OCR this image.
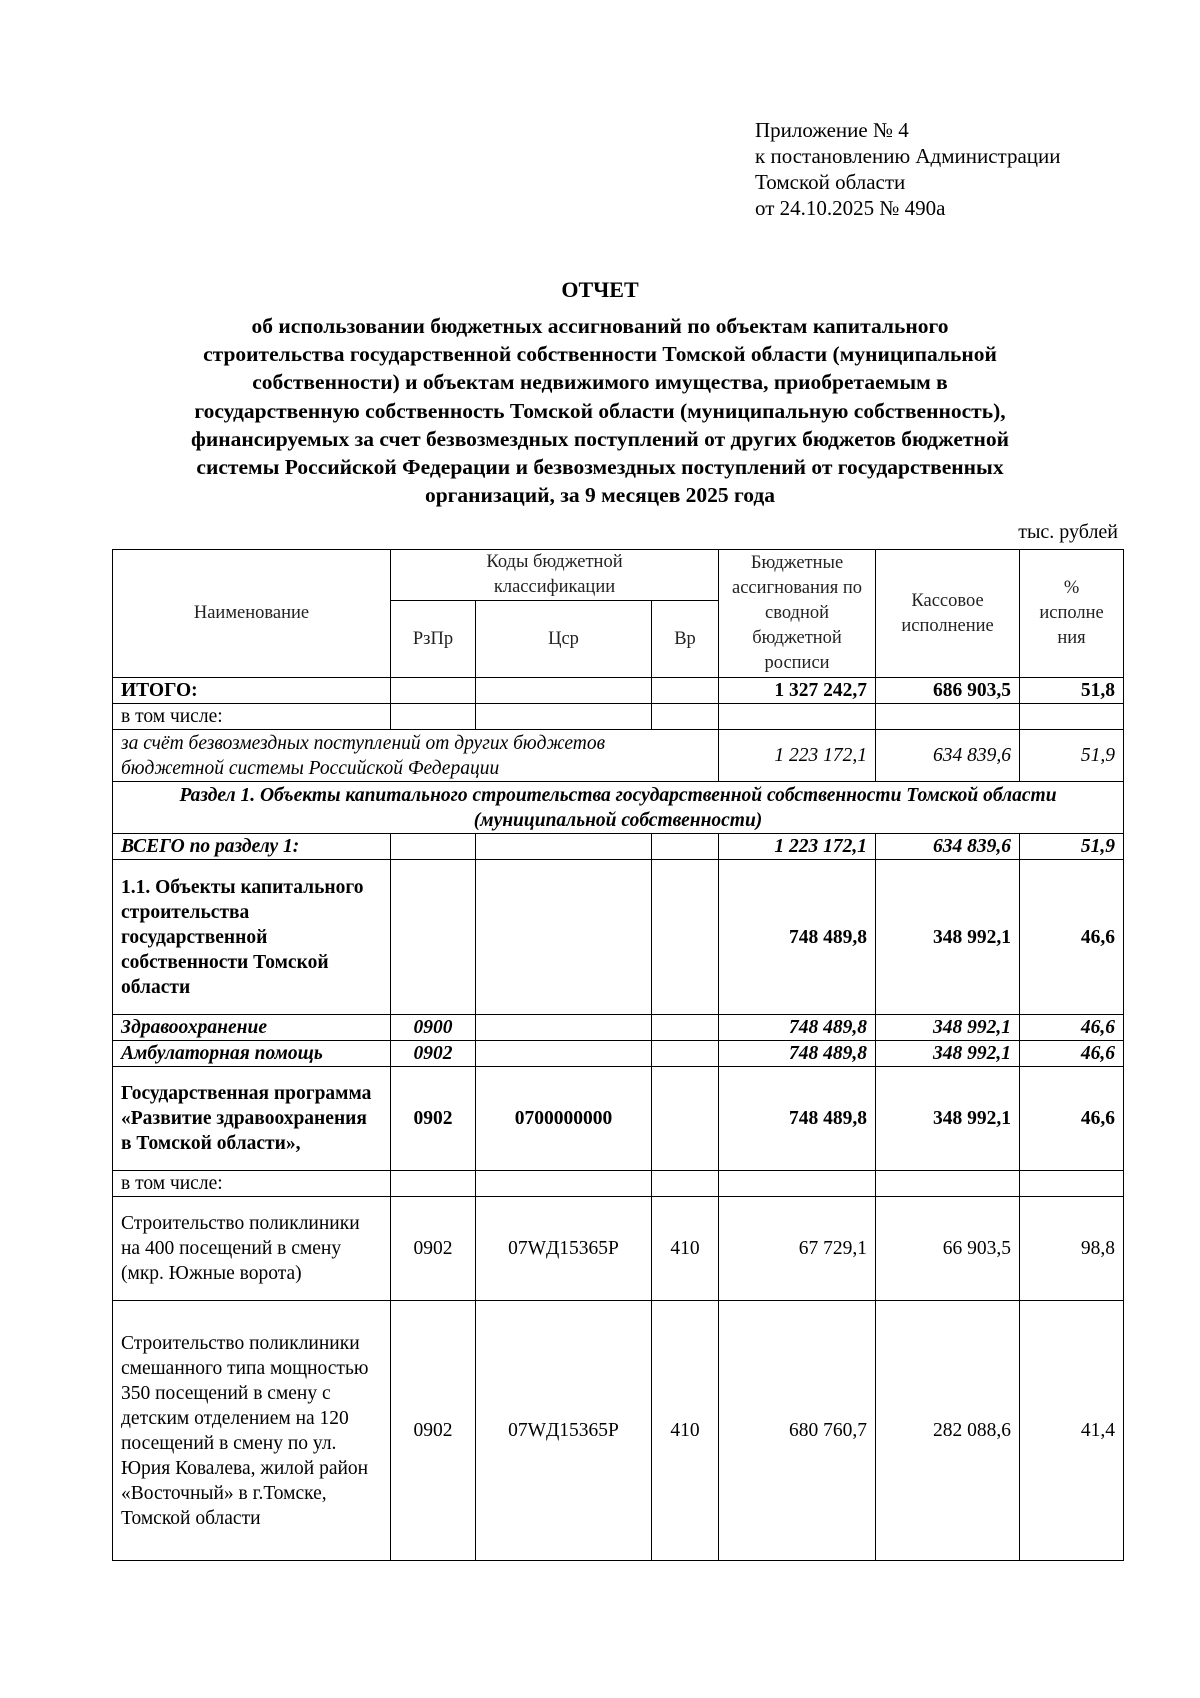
Приложение № 4
к постановлению Администрации
Томской области
от 24.10.2025 № 490а
ОТЧЕТ
об использовании бюджетных ассигнований по объектам капитального
строительства государственной собственности Томской области (муниципальной
собственности) и объектам недвижимого имущества, приобретаемым в
государственную собственность Томской области (муниципальную собственность),
финансируемых за счет безвозмездных поступлений от других бюджетов бюджетной
системы Российской Федерации и безвозмездных поступлений от государственных
организаций, за 9 месяцев 2025 года
тыс. рублей
Наименование	Коды бюджетной классификации			Бюджетные ассигнования по сводной бюджетной росписи	Кассовое исполнение	% исполне ния
	РзПр	Цср	Вр			
ИТОГО:				1 327 242,7	686 903,5	51,8
в том числе:						
за счёт безвозмездных поступлений от других бюджетов бюджетной системы Российской Федерации				1 223 172,1	634 839,6	51,9
Раздел 1. Объекты капитального строительства государственной собственности Томской области (муниципальной собственности)						
ВСЕГО по разделу 1:				1 223 172,1	634 839,6	51,9
1.1. Объекты капитального строительства государственной собственности Томской области				748 489,8	348 992,1	46,6
Здравоохранение	0900			748 489,8	348 992,1	46,6
Амбулаторная помощь	0902			748 489,8	348 992,1	46,6
Государственная программа «Развитие здравоохранения в Томской области»,	0902	0700000000		748 489,8	348 992,1	46,6
в том числе:						
Строительство поликлиники на 400 посещений в смену (мкр. Южные ворота)	0902	07WД15365Р	410	67 729,1	66 903,5	98,8
Строительство поликлиники смешанного типа мощностью 350 посещений в смену с детским отделением на 120 посещений в смену по ул. Юрия Ковалева, жилой район «Восточный» в г.Томске, Томской области	0902	07WД15365Р	410	680 760,7	282 088,6	41,4
